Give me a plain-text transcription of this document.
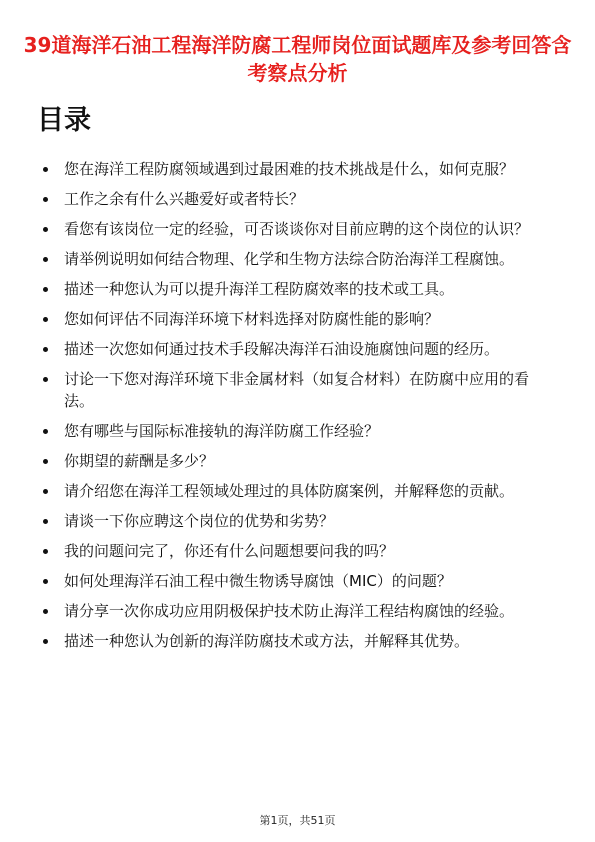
39道海洋石油工程海洋防腐工程师岗位面试题库及参考回答含考察点分析
目录
您在海洋工程防腐领域遇到过最困难的技术挑战是什么，如何克服？
工作之余有什么兴趣爱好或者特长？
看您有该岗位一定的经验，可否谈谈你对目前应聘的这个岗位的认识？
请举例说明如何结合物理、化学和生物方法综合防治海洋工程腐蚀。
描述一种您认为可以提升海洋工程防腐效率的技术或工具。
您如何评估不同海洋环境下材料选择对防腐性能的影响？
描述一次您如何通过技术手段解决海洋石油设施腐蚀问题的经历。
讨论一下您对海洋环境下非金属材料（如复合材料）在防腐中应用的看法。
您有哪些与国际标准接轨的海洋防腐工作经验？
你期望的薪酬是多少？
请介绍您在海洋工程领域处理过的具体防腐案例，并解释您的贡献。
请谈一下你应聘这个岗位的优势和劣势？
我的问题问完了，你还有什么问题想要问我的吗？
如何处理海洋石油工程中微生物诱导腐蚀（MIC）的问题？
请分享一次你成功应用阴极保护技术防止海洋工程结构腐蚀的经验。
描述一种您认为创新的海洋防腐技术或方法，并解释其优势。
第1页，共51页
